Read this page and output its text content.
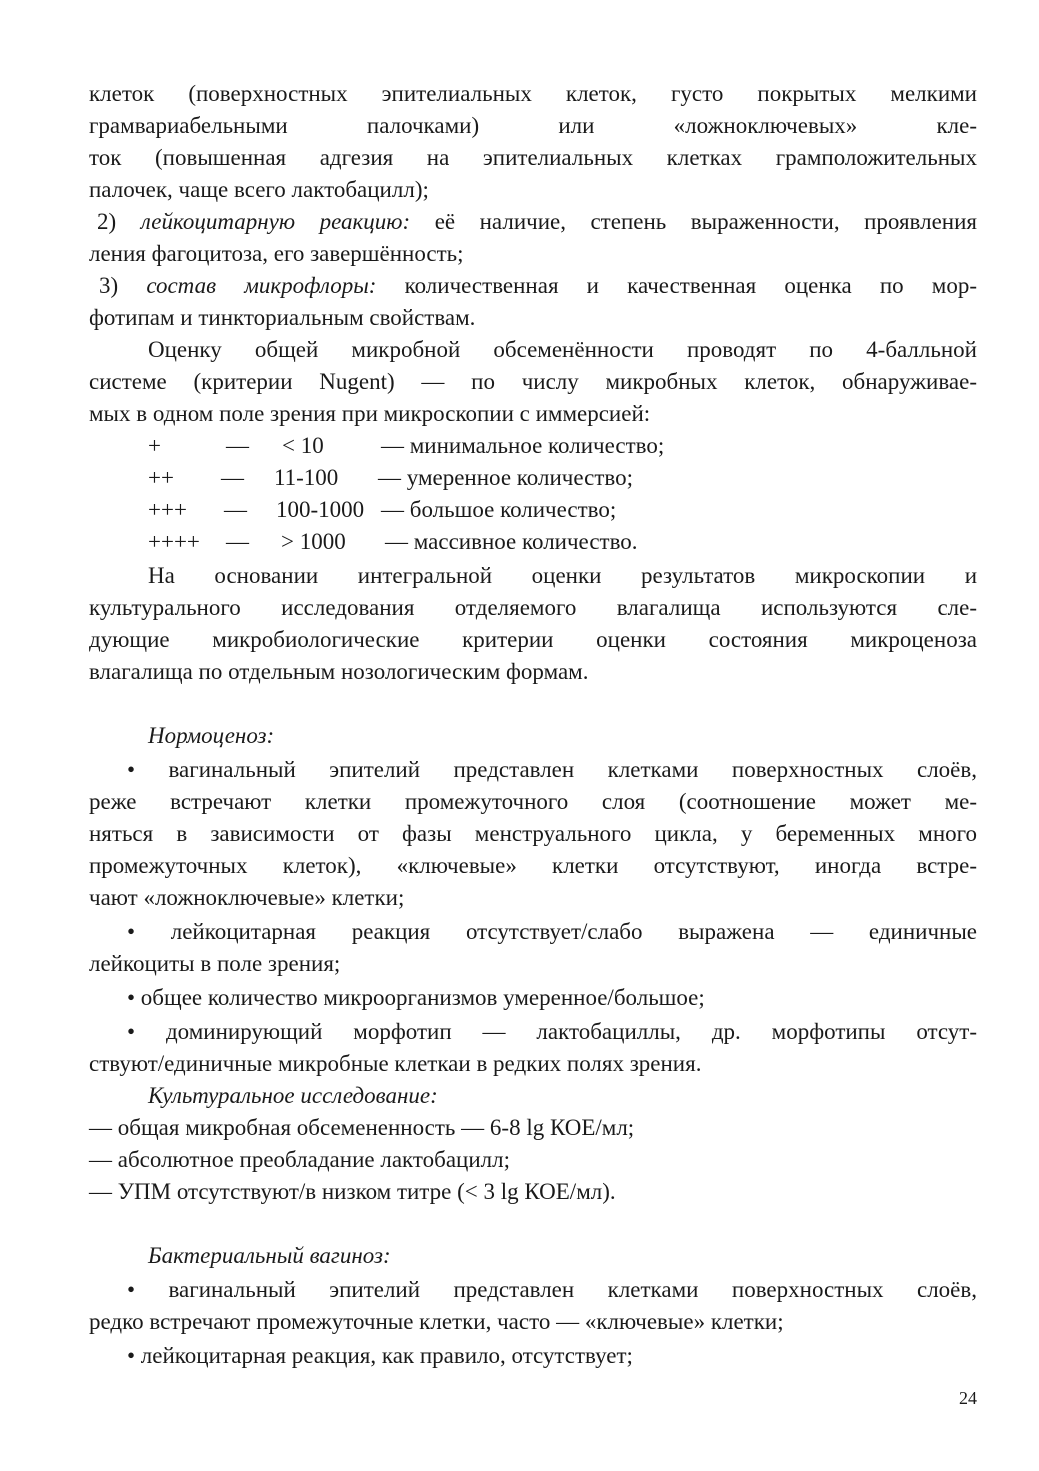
клеток (поверхностных эпителиальных клеток, густо покрытых мелкими
грамвариабельными палочками) или «ложноключевых» кле-
ток (повышенная адгезия на эпителиальных клетках грамположительных
палочек, чаще всего лактобацилл);
2) лейкоцитарную реакцию: её наличие, степень выраженности, проявления
ления фагоцитоза, его завершённость;
3) состав микрофлоры: количественная и качественная оценка по мор-
фотипам и тинкториальным свойствам.
Оценку общей микробной обсеменённости проводят по 4-балльной
системе (критерии Nugent) — по числу микробных клеток, обнаруживае-
мых в одном поле зрения при микроскопии с иммерсией:
+	— < 10 — минимальное количество;
++ — 11-100 — умеренное количество;
+++ — 100-1000 — большое количество;
++++ — > 1000 — массивное количество.
На основании интегральной оценки результатов микроскопии и
культурального исследования отделяемого влагалища используются сле-
дующие микробиологические критерии оценки состояния микроценоза
влагалища по отдельным нозологическим формам.
Нормоценоз:
• вагинальный эпителий представлен клетками поверхностных слоёв,
реже встречают клетки промежуточного слоя (соотношение может ме-
няться в зависимости от фазы менструального цикла, у беременных много
промежуточных клеток), «ключевые» клетки отсутствуют, иногда встре-
чают «ложноключевые» клетки;
• лейкоцитарная реакция отсутствует/слабо выражена — единичные
лейкоциты в поле зрения;
• общее количество микроорганизмов умеренное/большое;
• доминирующий морфотип — лактобациллы, др. морфотипы отсут-
ствуют/единичные микробные клеткаи в редких полях зрения.
Культуральное исследование:
— общая микробная обсемененность — 6-8 lg КОЕ/мл;
— абсолютное преобладание лактобацилл;
— УПМ отсутствуют/в низком титре (< 3 lg КОЕ/мл).
Бактериальный вагиноз:
• вагинальный эпителий представлен клетками поверхностных слоёв,
редко встречают промежуточные клетки, часто — «ключевые» клетки;
• лейкоцитарная реакция, как правило, отсутствует;
24
